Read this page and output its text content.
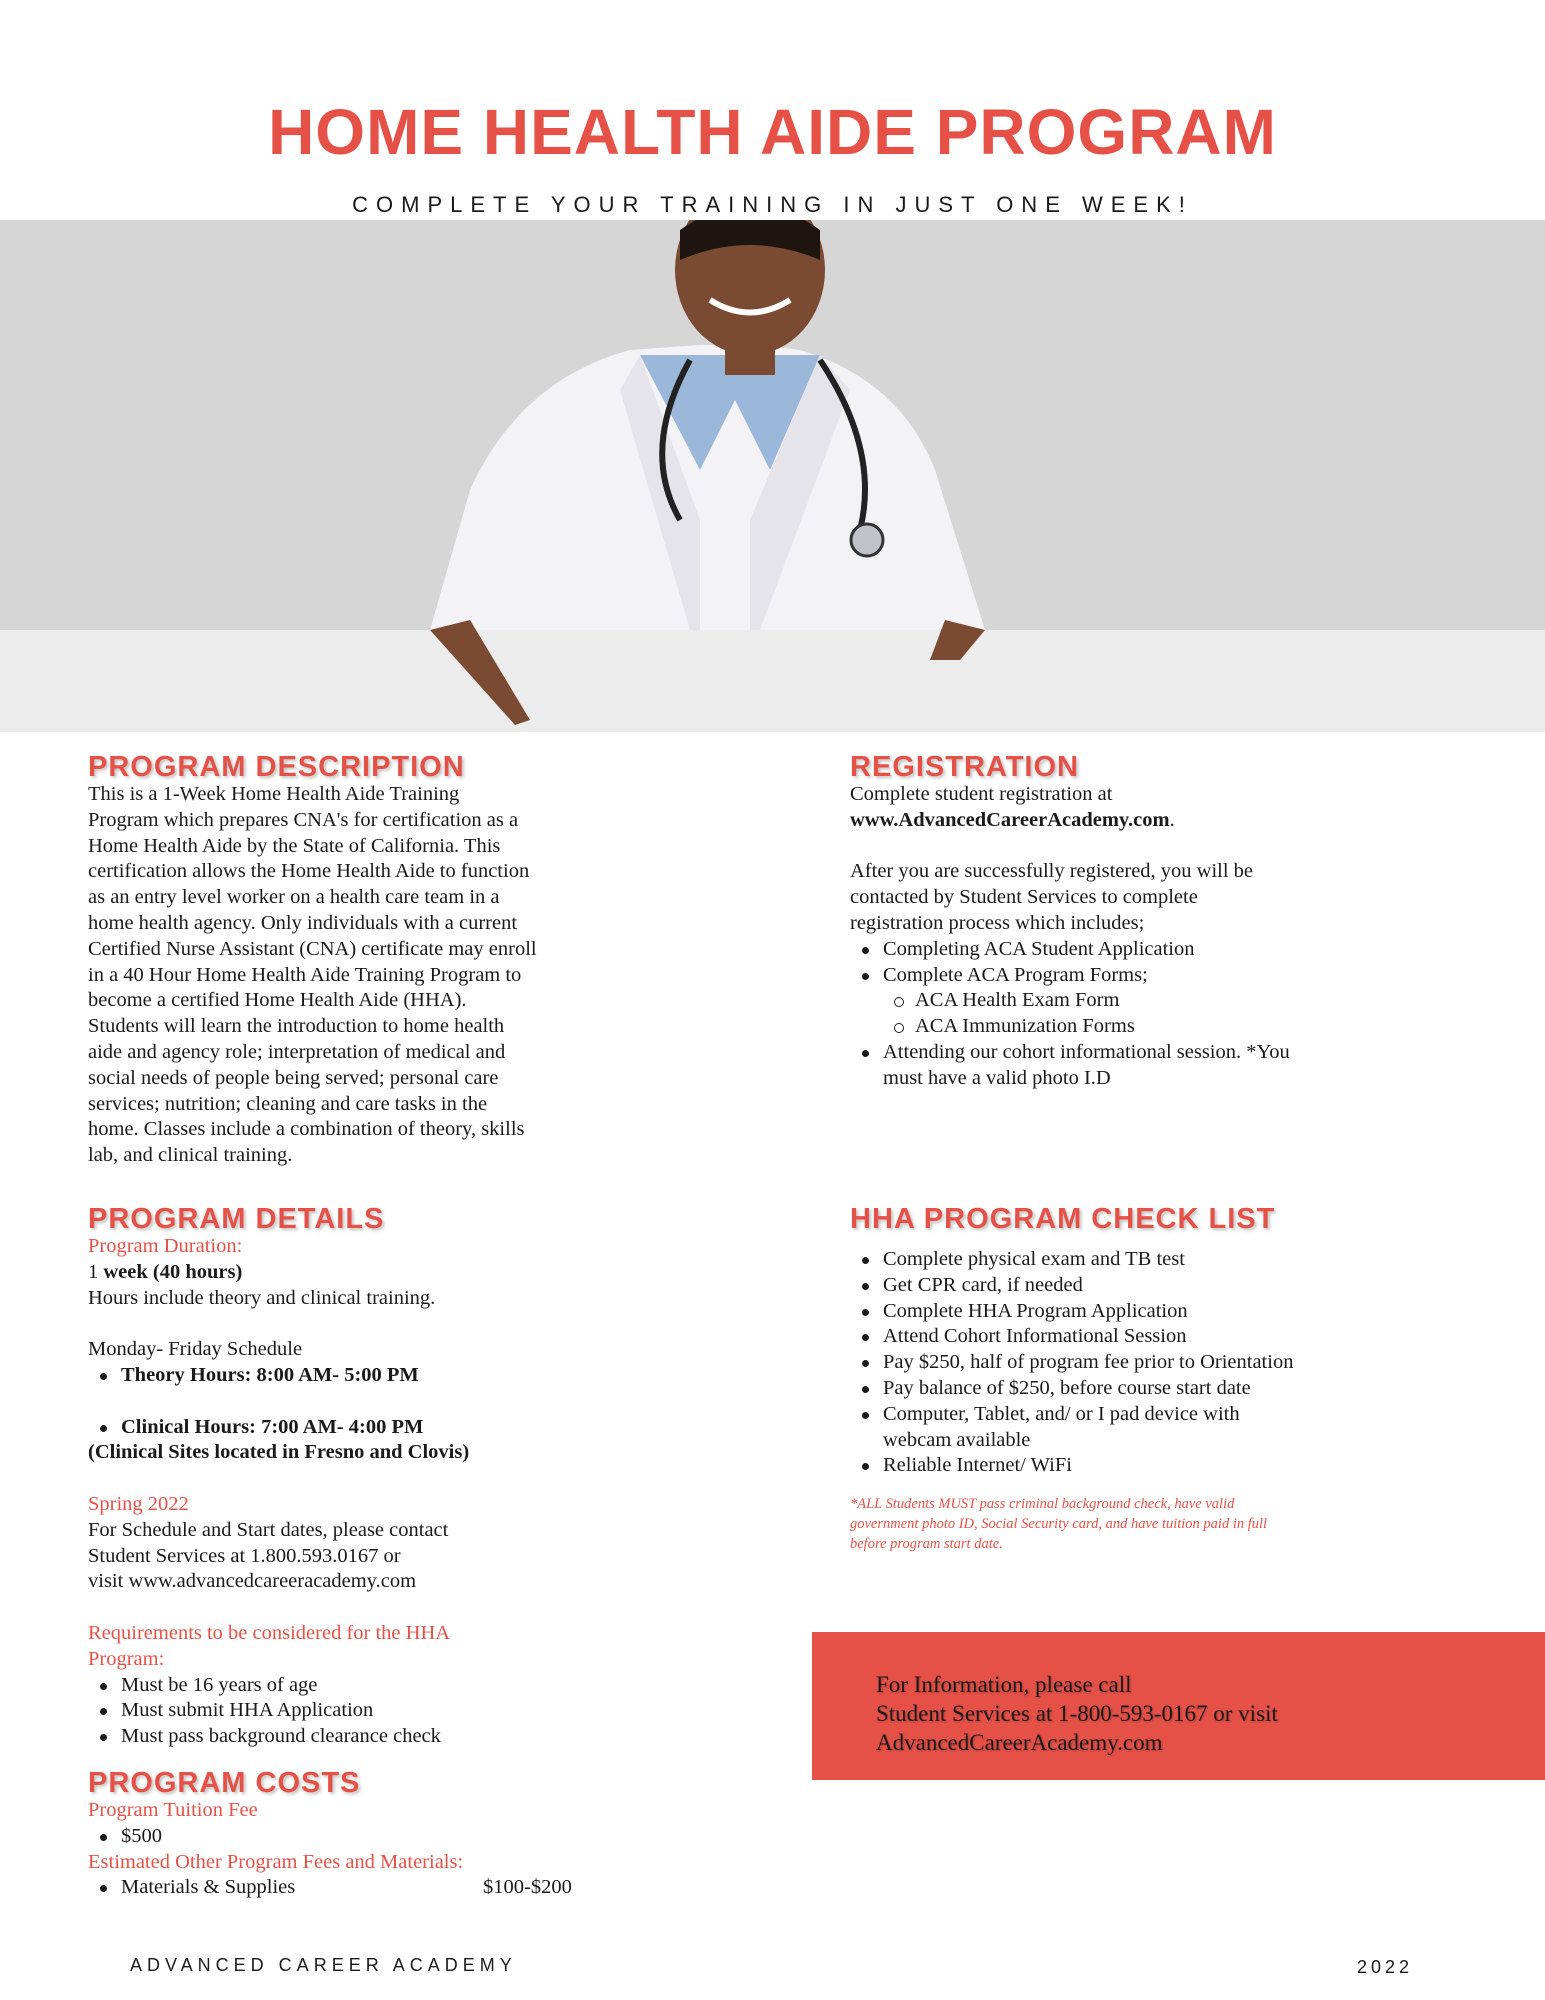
HOME HEALTH AIDE PROGRAM
COMPLETE YOUR TRAINING IN JUST ONE WEEK!
PROGRAM DESCRIPTION
This is a 1-Week Home Health Aide Training
Program which prepares CNA's for certification as a
Home Health Aide by the State of California. This
certification allows the Home Health Aide to function
as an entry level worker on a health care team in a
home health agency. Only individuals with a current
Certified Nurse Assistant (CNA) certificate may enroll
in a 40 Hour Home Health Aide Training Program to
become a certified Home Health Aide (HHA).
Students will learn the introduction to home health
aide and agency role; interpretation of medical and
social needs of people being served; personal care
services; nutrition; cleaning and care tasks in the
home. Classes include a combination of theory, skills
lab, and clinical training.
PROGRAM DETAILS
Program Duration:
1 week (40 hours)
Hours include theory and clinical training.
Monday- Friday Schedule
Theory Hours: 8:00 AM- 5:00 PM
Clinical Hours: 7:00 AM- 4:00 PM
(Clinical Sites located in Fresno and Clovis)
Spring 2022
For Schedule and Start dates, please contact
Student Services at 1.800.593.0167 or
visit www.advancedcareeracademy.com
Requirements to be considered for the HHA
Program:
Must be 16 years of age
Must submit HHA Application
Must pass background clearance check
PROGRAM COSTS
Program Tuition Fee
$500
Estimated Other Program Fees and Materials:
Materials & Supplies	$100-$200
REGISTRATION
Complete student registration at
www.AdvancedCareerAcademy.com.
After you are successfully registered, you will be
contacted by Student Services to complete
registration process which includes;
Completing ACA Student Application
Complete ACA Program Forms;
ACA Health Exam Form
ACA Immunization Forms
Attending our cohort informational session. *You
must have a valid photo I.D
HHA PROGRAM CHECK LIST
Complete physical exam and TB test
Get CPR card, if needed
Complete HHA Program Application
Attend Cohort Informational Session
Pay $250, half of program fee prior to Orientation
Pay balance of $250, before course start date
Computer, Tablet, and/ or I pad device with
webcam available
Reliable Internet/ WiFi
*ALL Students MUST pass criminal background check, have valid
government photo ID, Social Security card, and have tuition paid in full
before program start date.
For Information, please call
Student Services at 1-800-593-0167 or visit
AdvancedCareerAcademy.com
ADVANCED CAREER ACADEMY	2022
